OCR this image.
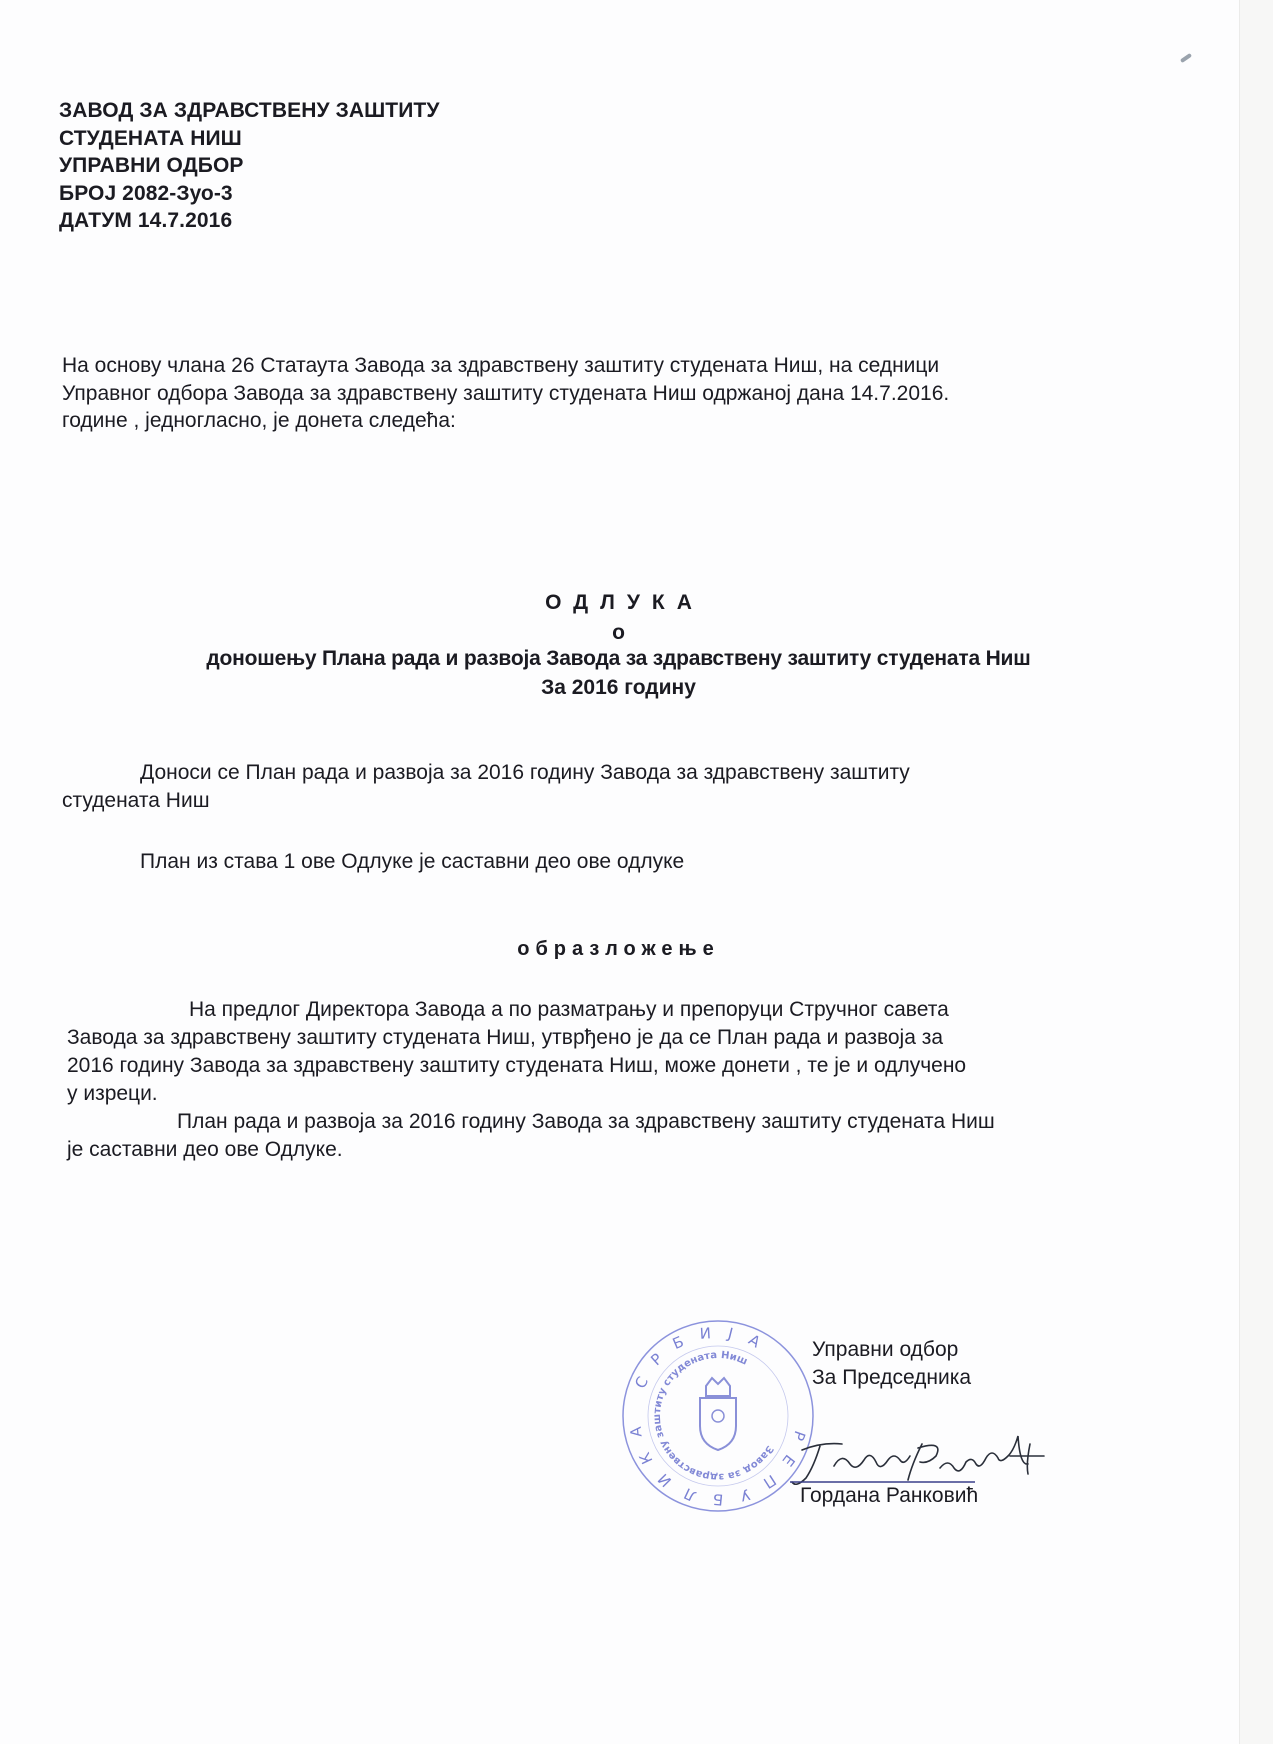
ЗАВОД ЗА ЗДРАВСТВЕНУ ЗАШТИТУ
СТУДЕНАТА НИШ
УПРАВНИ ОДБОР
БРОЈ 2082-Зуо-3
ДАТУМ 14.7.2016
На основу члана 26 Статаута Завода за здравствену заштиту студената Ниш, на седници
Управног одбора Завода за здравствену заштиту студената Ниш одржаној дана 14.7.2016.
године , једногласно, је донета следећа:
ОДЛУКА
о
доношењу Плана рада и развоја Завода за здравствену заштиту студената Ниш
За 2016 годину
Доноси се План рада и развоја за 2016 годину Завода за здравствену заштиту
студената Ниш
План из става 1 ове Одлуке је саставни део ове одлуке
образложење
На предлог Директора Завода а по разматрању и препоруци Стручног савета
Завода за здравствену заштиту студената Ниш, утврђено је да се План рада и развоја за
2016 годину Завода за здравствену заштиту студената Ниш, може донети , те је и одлучено
у изреци.
План рада и развоја за 2016 годину Завода за здравствену заштиту студената Ниш
је саставни део ове Одлуке.
РЕПУБЛИКА СРБИЈА
Завод за здравствену заштиту студената Ниш	Управни одбор
За Председника
Гордана Ранковић
